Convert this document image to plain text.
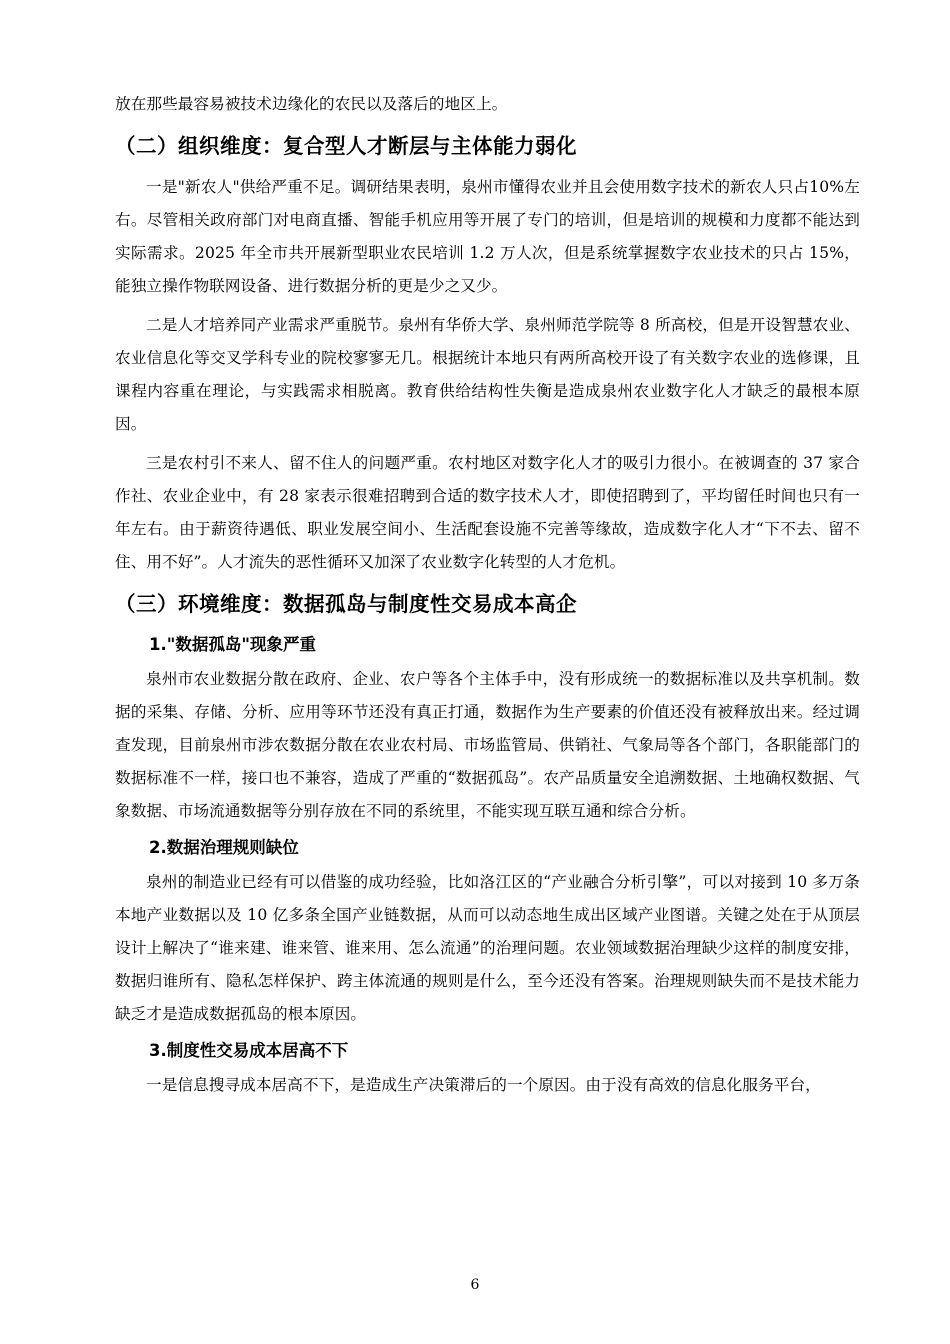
放在那些最容易被技术边缘化的农民以及落后的地区上。

（二）组织维度：复合型人才断层与主体能力弱化

一是"新农人"供给严重不足。调研结果表明，泉州市懂得农业并且会使用数字技术的新农人只占10%左右。尽管相关政府部门对电商直播、智能手机应用等开展了专门的培训，但是培训的规模和力度都不能达到实际需求。2025 年全市共开展新型职业农民培训 1.2 万人次，但是系统掌握数字农业技术的只占 15%，能独立操作物联网设备、进行数据分析的更是少之又少。

二是人才培养同产业需求严重脱节。泉州有华侨大学、泉州师范学院等 8 所高校，但是开设智慧农业、农业信息化等交叉学科专业的院校寥寥无几。根据统计本地只有两所高校开设了有关数字农业的选修课，且课程内容重在理论，与实践需求相脱离。教育供给结构性失衡是造成泉州农业数字化人才缺乏的最根本原因。

三是农村引不来人、留不住人的问题严重。农村地区对数字化人才的吸引力很小。在被调查的 37 家合作社、农业企业中，有 28 家表示很难招聘到合适的数字技术人才，即使招聘到了，平均留任时间也只有一年左右。由于薪资待遇低、职业发展空间小、生活配套设施不完善等缘故，造成数字化人才“下不去、留不住、用不好”。人才流失的恶性循环又加深了农业数字化转型的人才危机。

（三）环境维度：数据孤岛与制度性交易成本高企
1."数据孤岛"现象严重

泉州市农业数据分散在政府、企业、农户等各个主体手中，没有形成统一的数据标准以及共享机制。数据的采集、存储、分析、应用等环节还没有真正打通，数据作为生产要素的价值还没有被释放出来。经过调查发现，目前泉州市涉农数据分散在农业农村局、市场监管局、供销社、气象局等各个部门，各职能部门的数据标准不一样，接口也不兼容，造成了严重的“数据孤岛”。农产品质量安全追溯数据、土地确权数据、气象数据、市场流通数据等分别存放在不同的系统里，不能实现互联互通和综合分析。

2.数据治理规则缺位

泉州的制造业已经有可以借鉴的成功经验，比如洛江区的“产业融合分析引擎”，可以对接到 10 多万条本地产业数据以及 10 亿多条全国产业链数据，从而可以动态地生成出区域产业图谱。关键之处在于从顶层设计上解决了“谁来建、谁来管、谁来用、怎么流通”的治理问题。农业领域数据治理缺少这样的制度安排，数据归谁所有、隐私怎样保护、跨主体流通的规则是什么，至今还没有答案。治理规则缺失而不是技术能力缺乏才是造成数据孤岛的根本原因。

3.制度性交易成本居高不下

一是信息搜寻成本居高不下，是造成生产决策滞后的一个原因。由于没有高效的信息化服务平台，

6
